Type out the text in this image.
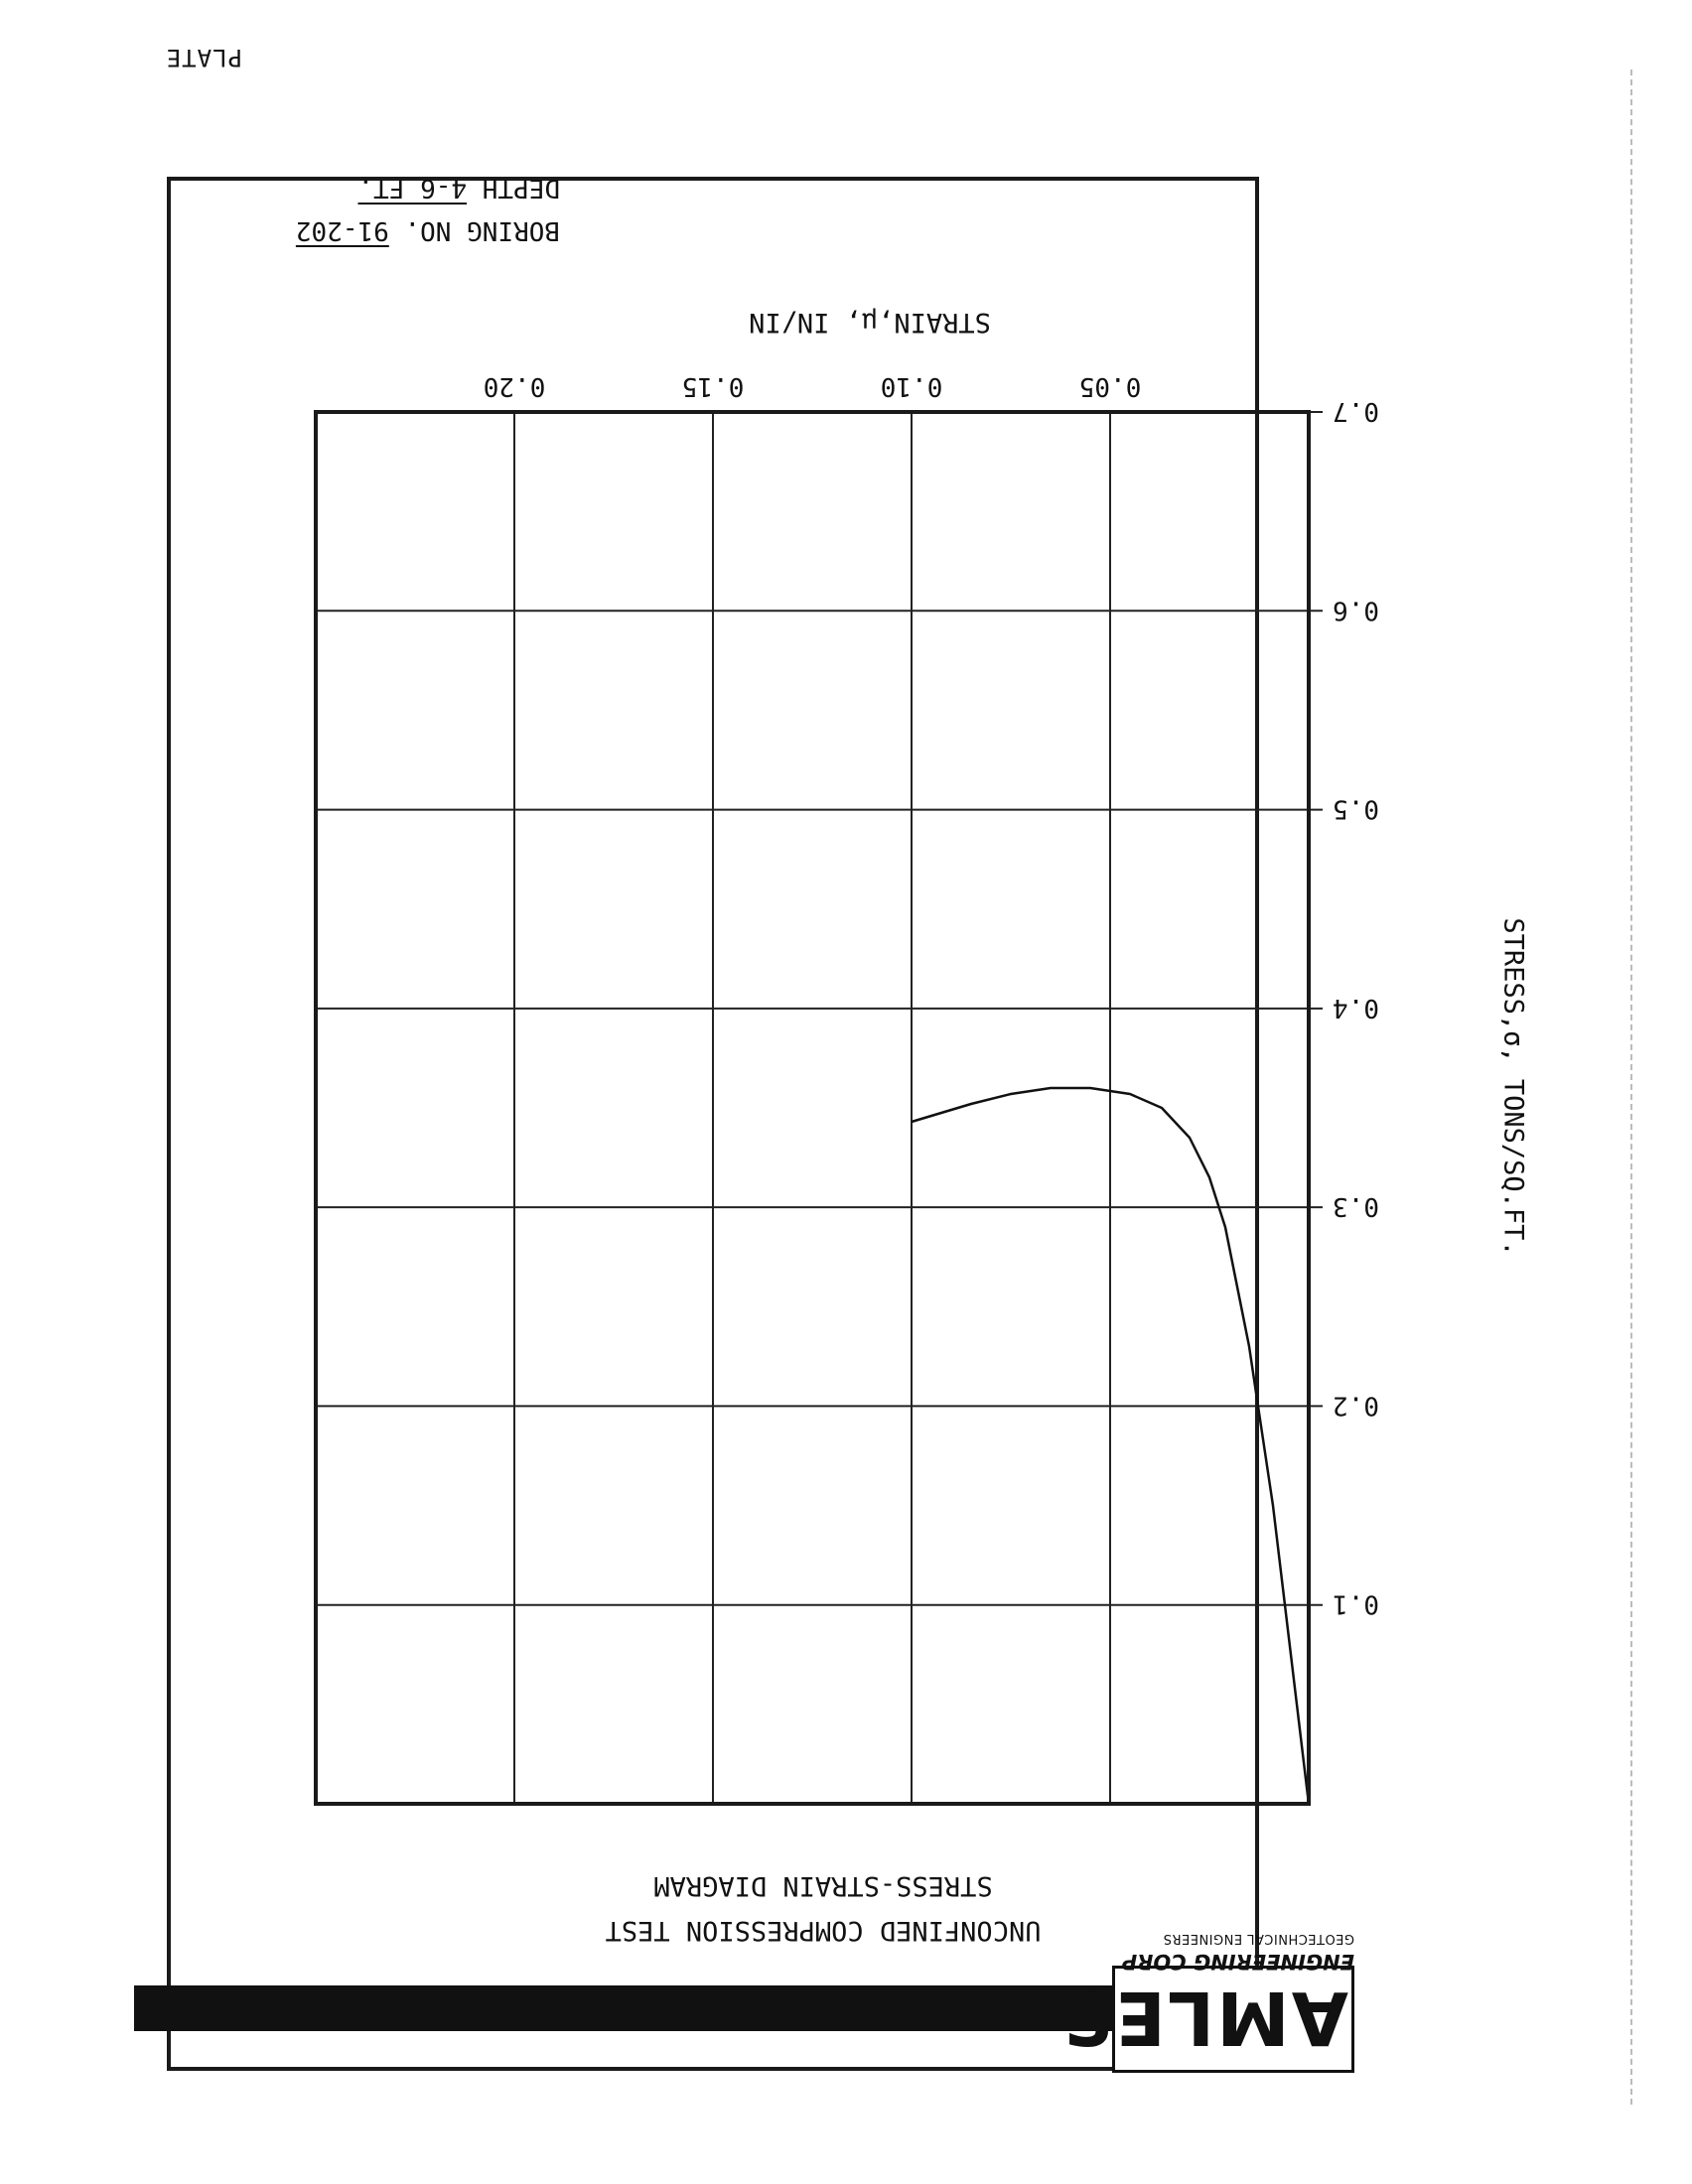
AMLES
ENGINEERING CORP
GEOTECHNICAL ENGINEERS
UNCONFINED COMPRESSION TEST
STRESS-STRAIN DIAGRAM
BORING NO. 91-202
DEPTH 4-6 FT.
PLATE
STRESS,σ, TONS/SQ.FT.
STRAIN,μ, IN/IN
0.05
0.10
0.15
0.20
0.1
0.2
0.3
0.4
0.5
0.6
0.7
